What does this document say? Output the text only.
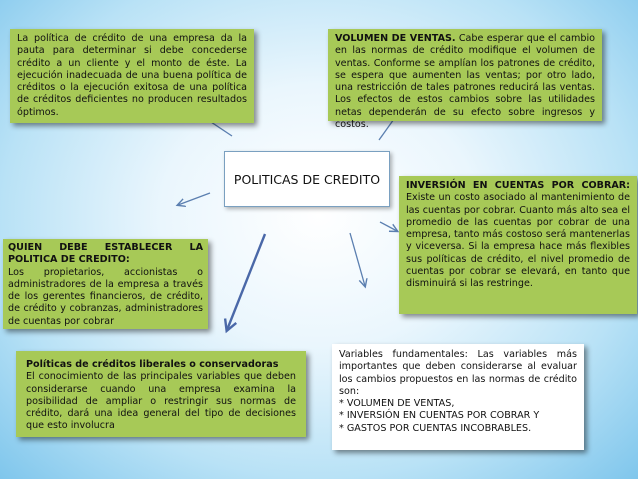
La política de crédito de una empresa da la pauta para determinar si debe concederse crédito a un cliente y el monto de éste. La ejecución inadecuada de una buena política de créditos o la ejecución exitosa de una política de créditos deficientes no producen resultados óptimos.
VOLUMEN DE VENTAS. Cabe esperar que el cambio en las normas de crédito modifique el volumen de ventas. Conforme se amplían los patrones de crédito, se espera que aumenten las ventas; por otro lado, una restricción de tales patrones reducirá las ventas. Los efectos de estos cambios sobre las utilidades netas dependerán de su efecto sobre ingresos y costos.
POLITICAS DE CREDITO	INVERSIÓN EN CUENTAS POR COBRAR: Existe un costo asociado al mantenimiento de las cuentas por cobrar. Cuanto más alto sea el promedio de las cuentas por cobrar de una empresa, tanto más costoso será mantenerlas y viceversa. Si la empresa hace más flexibles sus políticas de crédito, el nivel promedio de cuentas por cobrar se elevará, en tanto que disminuirá si las restringe.
QUIEN DEBE ESTABLECER LA POLITICA DE CREDITO:
Los propietarios, accionistas o administradores de la empresa a través de los gerentes financieros, de crédito, de crédito y cobranzas, administradores de cuentas por cobrar
Políticas de créditos liberales o conservadoras
El conocimiento de las principales variables que deben considerarse cuando una empresa examina la posibilidad de ampliar o restringir sus normas de crédito, dará una idea general del tipo de decisiones que esto involucra
Variables fundamentales: Las variables más importantes que deben considerarse al evaluar los cambios propuestos en las normas de crédito son:
* VOLUMEN DE VENTAS,
* INVERSIÓN EN CUENTAS POR COBRAR Y
* GASTOS POR CUENTAS INCOBRABLES.
